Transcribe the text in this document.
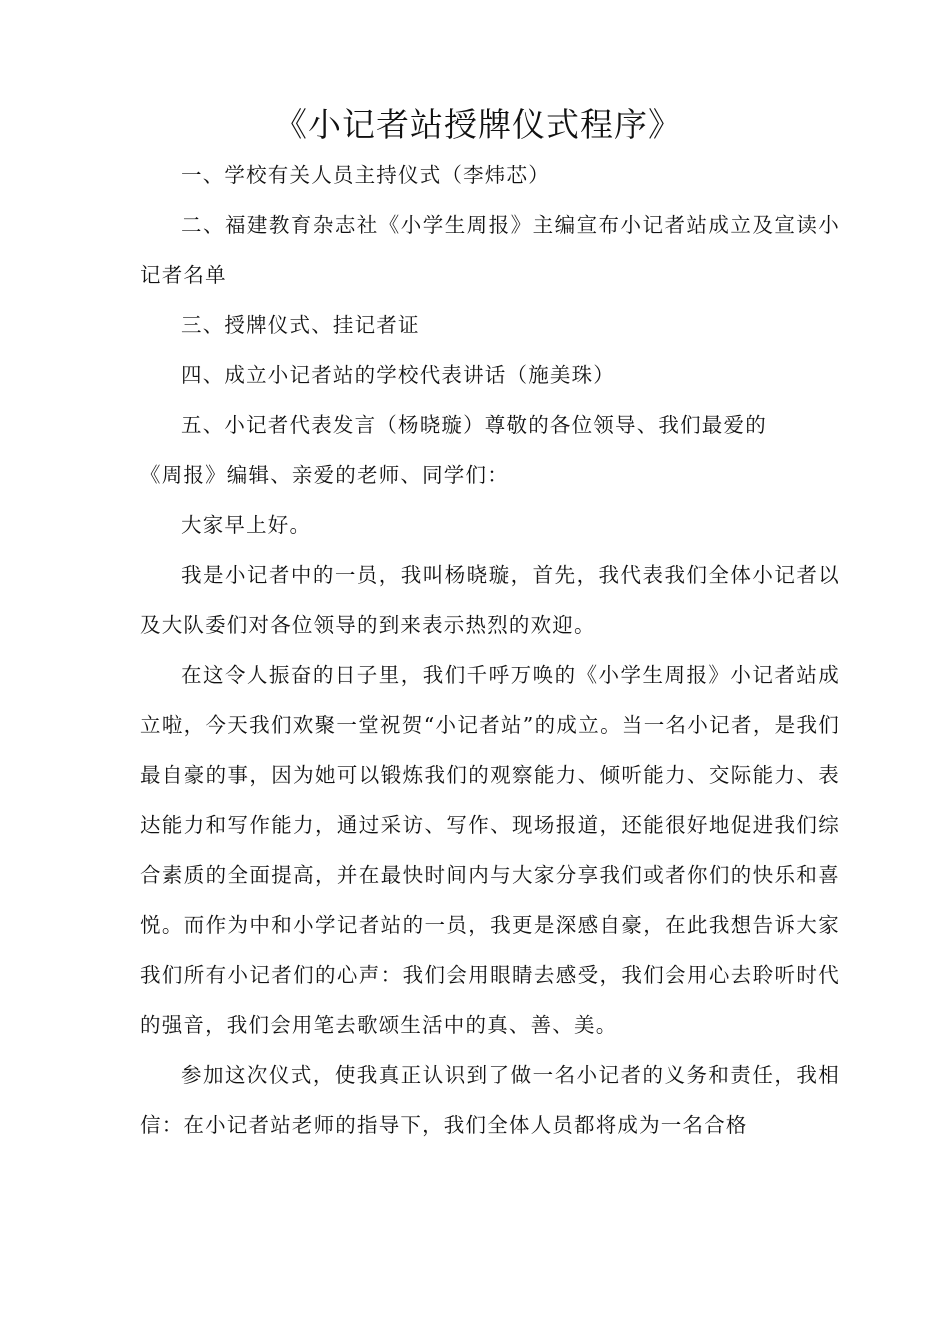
《小记者站授牌仪式程序》

一、学校有关人员主持仪式（李炜芯）

二、福建教育杂志社《小学生周报》主编宣布小记者站成立及宣读小记者名单

三、授牌仪式、挂记者证

四、成立小记者站的学校代表讲话（施美珠）

五、小记者代表发言（杨晓璇）尊敬的各位领导、我们最爱的

《周报》编辑、亲爱的老师、同学们：

大家早上好。

我是小记者中的一员，我叫杨晓璇，首先，我代表我们全体小记者以及大队委们对各位领导的到来表示热烈的欢迎。

在这令人振奋的日子里，我们千呼万唤的《小学生周报》小记者站成立啦，今天我们欢聚一堂祝贺“小记者站”的成立。当一名小记者，是我们最自豪的事，因为她可以锻炼我们的观察能力、倾听能力、交际能力、表达能力和写作能力，通过采访、写作、现场报道，还能很好地促进我们综合素质的全面提高，并在最快时间内与大家分享我们或者你们的快乐和喜悦。而作为中和小学记者站的一员，我更是深感自豪，在此我想告诉大家我们所有小记者们的心声：我们会用眼睛去感受，我们会用心去聆听时代的强音，我们会用笔去歌颂生活中的真、善、美。

参加这次仪式，使我真正认识到了做一名小记者的义务和责任，我相信：在小记者站老师的指导下，我们全体人员都将成为一名合格
